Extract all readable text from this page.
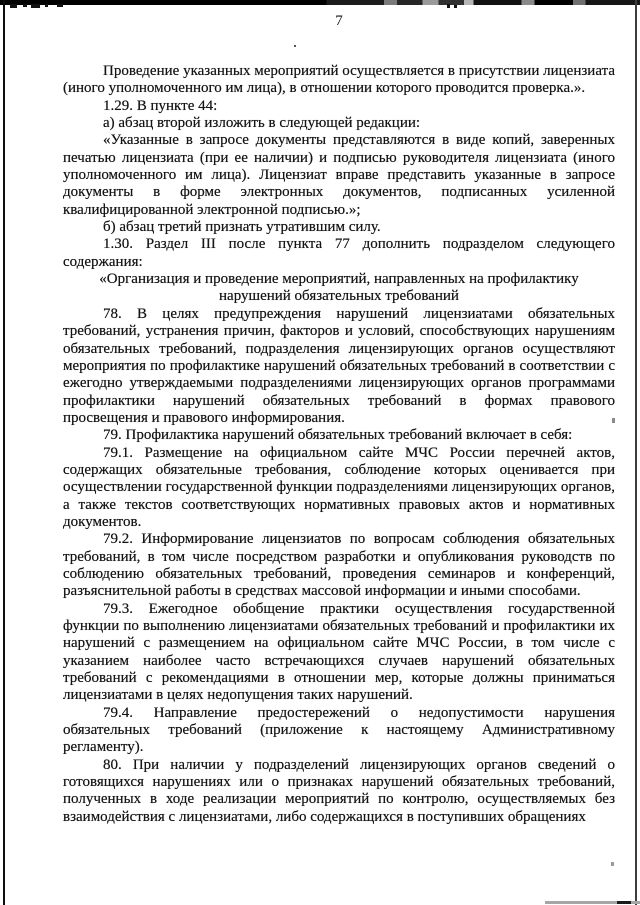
7

Проведение указанных мероприятий осуществляется в присутствии лицензиата (иного уполномоченного им лица), в отношении которого проводится проверка.».

1.29. В пункте 44:

а) абзац второй изложить в следующей редакции:

«Указанные в запросе документы представляются в виде копий, заверенных печатью лицензиата (при ее наличии) и подписью руководителя лицензиата (иного уполномоченного им лица). Лицензиат вправе представить указанные в запросе документы в форме электронных документов, подписанных усиленной квалифицированной электронной подписью.»;

б) абзац третий признать утратившим силу.

1.30. Раздел III после пункта 77 дополнить подразделом следующего содержания:

«Организация и проведение мероприятий, направленных на профилактику нарушений обязательных требований

78. В целях предупреждения нарушений лицензиатами обязательных требований, устранения причин, факторов и условий, способствующих нарушениям обязательных требований, подразделения лицензирующих органов осуществляют мероприятия по профилактике нарушений обязательных требований в соответствии с ежегодно утверждаемыми подразделениями лицензирующих органов программами профилактики нарушений обязательных требований в формах правового просвещения и правового информирования.

79. Профилактика нарушений обязательных требований включает в себя:

79.1. Размещение на официальном сайте МЧС России перечней актов, содержащих обязательные требования, соблюдение которых оценивается при осуществлении государственной функции подразделениями лицензирующих органов, а также текстов соответствующих нормативных правовых актов и нормативных документов.

79.2. Информирование лицензиатов по вопросам соблюдения обязательных требований, в том числе посредством разработки и опубликования руководств по соблюдению обязательных требований, проведения семинаров и конференций, разъяснительной работы в средствах массовой информации и иными способами.

79.3. Ежегодное обобщение практики осуществления государственной функции по выполнению лицензиатами обязательных требований и профилактики их нарушений с размещением на официальном сайте МЧС России, в том числе с указанием наиболее часто встречающихся случаев нарушений обязательных требований с рекомендациями в отношении мер, которые должны приниматься лицензиатами в целях недопущения таких нарушений.

79.4. Направление предостережений о недопустимости нарушения обязательных требований (приложение к настоящему Административному регламенту).

80. При наличии у подразделений лицензирующих органов сведений о готовящихся нарушениях или о признаках нарушений обязательных требований, полученных в ходе реализации мероприятий по контролю, осуществляемых без взаимодействия с лицензиатами, либо содержащихся в поступивших обращениях
